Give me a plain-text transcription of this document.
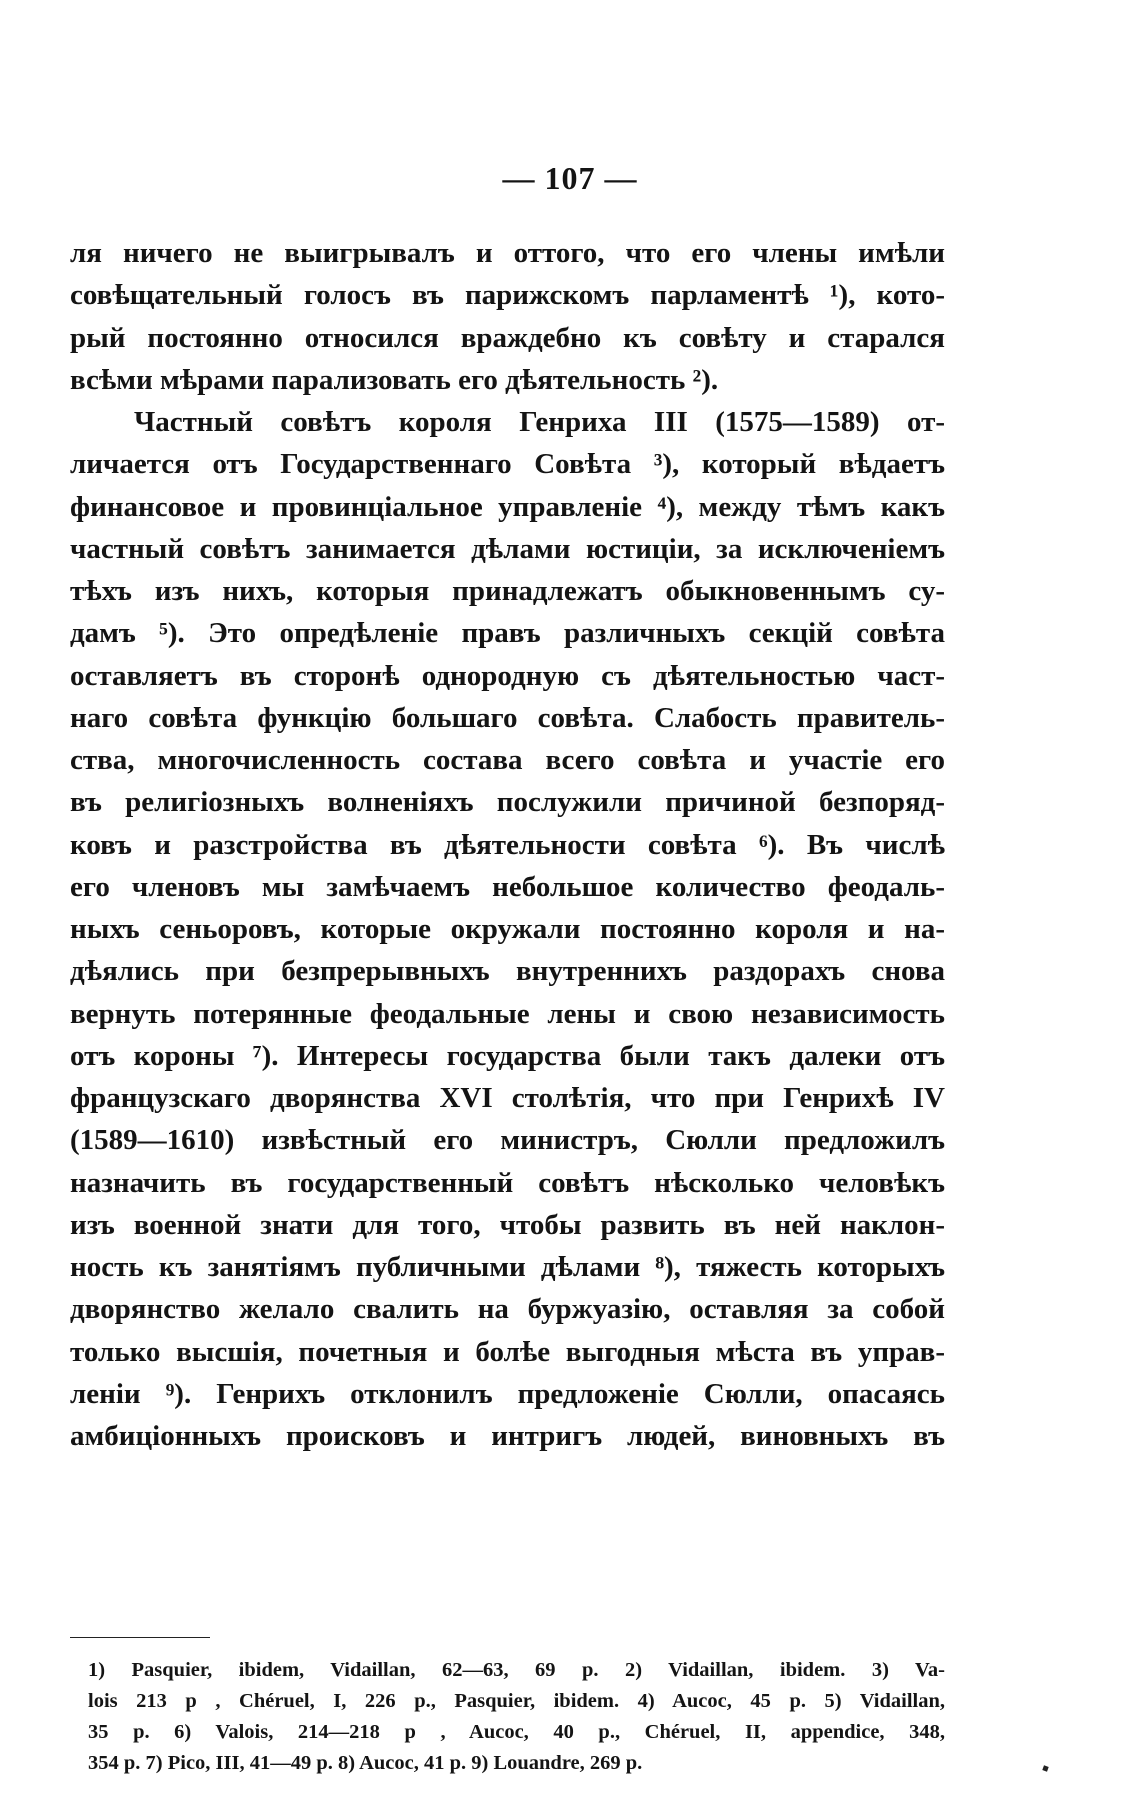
— 107 —
ля ничего не выигрывалъ и оттого, что его члены имѣли
совѣщательный голосъ въ парижскомъ парламентѣ ¹), кото-
рый постоянно относился враждебно къ совѣту и старался
всѣми мѣрами парализовать его дѣятельность ²).
Частный совѣтъ короля Генриха III (1575—1589) от-
личается отъ Государственнаго Совѣта ³), который вѣдаетъ
финансовое и провинціальное управленіе ⁴), между тѣмъ какъ
частный совѣтъ занимается дѣлами юстиціи, за исключеніемъ
тѣхъ изъ нихъ, которыя принадлежатъ обыкновеннымъ су-
дамъ ⁵). Это опредѣленіе правъ различныхъ секцій совѣта
оставляетъ въ сторонѣ однородную съ дѣятельностью част-
наго совѣта функцію большаго совѣта. Слабость правитель-
ства, многочисленность состава всего совѣта и участіе его
въ религіозныхъ волненіяхъ послужили причиной безпоряд-
ковъ и разстройства въ дѣятельности совѣта ⁶). Въ числѣ
его членовъ мы замѣчаемъ небольшое количество феодаль-
ныхъ сеньоровъ, которые окружали постоянно короля и на-
дѣялись при безпрерывныхъ внутреннихъ раздорахъ снова
вернуть потерянные феодальные лены и свою независимость
отъ короны ⁷). Интересы государства были такъ далеки отъ
французскаго дворянства XVI столѣтія, что при Генрихѣ IV
(1589—1610) извѣстный его министръ, Сюлли предложилъ
назначить въ государственный совѣтъ нѣсколько человѣкъ
изъ военной знати для того, чтобы развить въ ней наклон-
ность къ занятіямъ публичными дѣлами ⁸), тяжесть которыхъ
дворянство желало свалить на буржуазію, оставляя за собой
только высшія, почетныя и болѣе выгодныя мѣста въ управ-
леніи ⁹). Генрихъ отклонилъ предложеніе Сюлли, опасаясь
амбиціонныхъ происковъ и интригъ людей, виновныхъ въ
1) Pasquier, ibidem, Vidaillan, 62—63, 69 p. 2) Vidaillan, ibidem. 3) Va-
lois 213 p , Chéruel, I, 226 p., Pasquier, ibidem. 4) Aucoc, 45 p. 5) Vidaillan,
35 p. 6) Valois, 214—218 p , Aucoc, 40 p., Chéruel, II, appendice, 348,
354 p. 7) Pico, III, 41—49 p. 8) Aucoc, 41 p. 9) Louandre, 269 p.
